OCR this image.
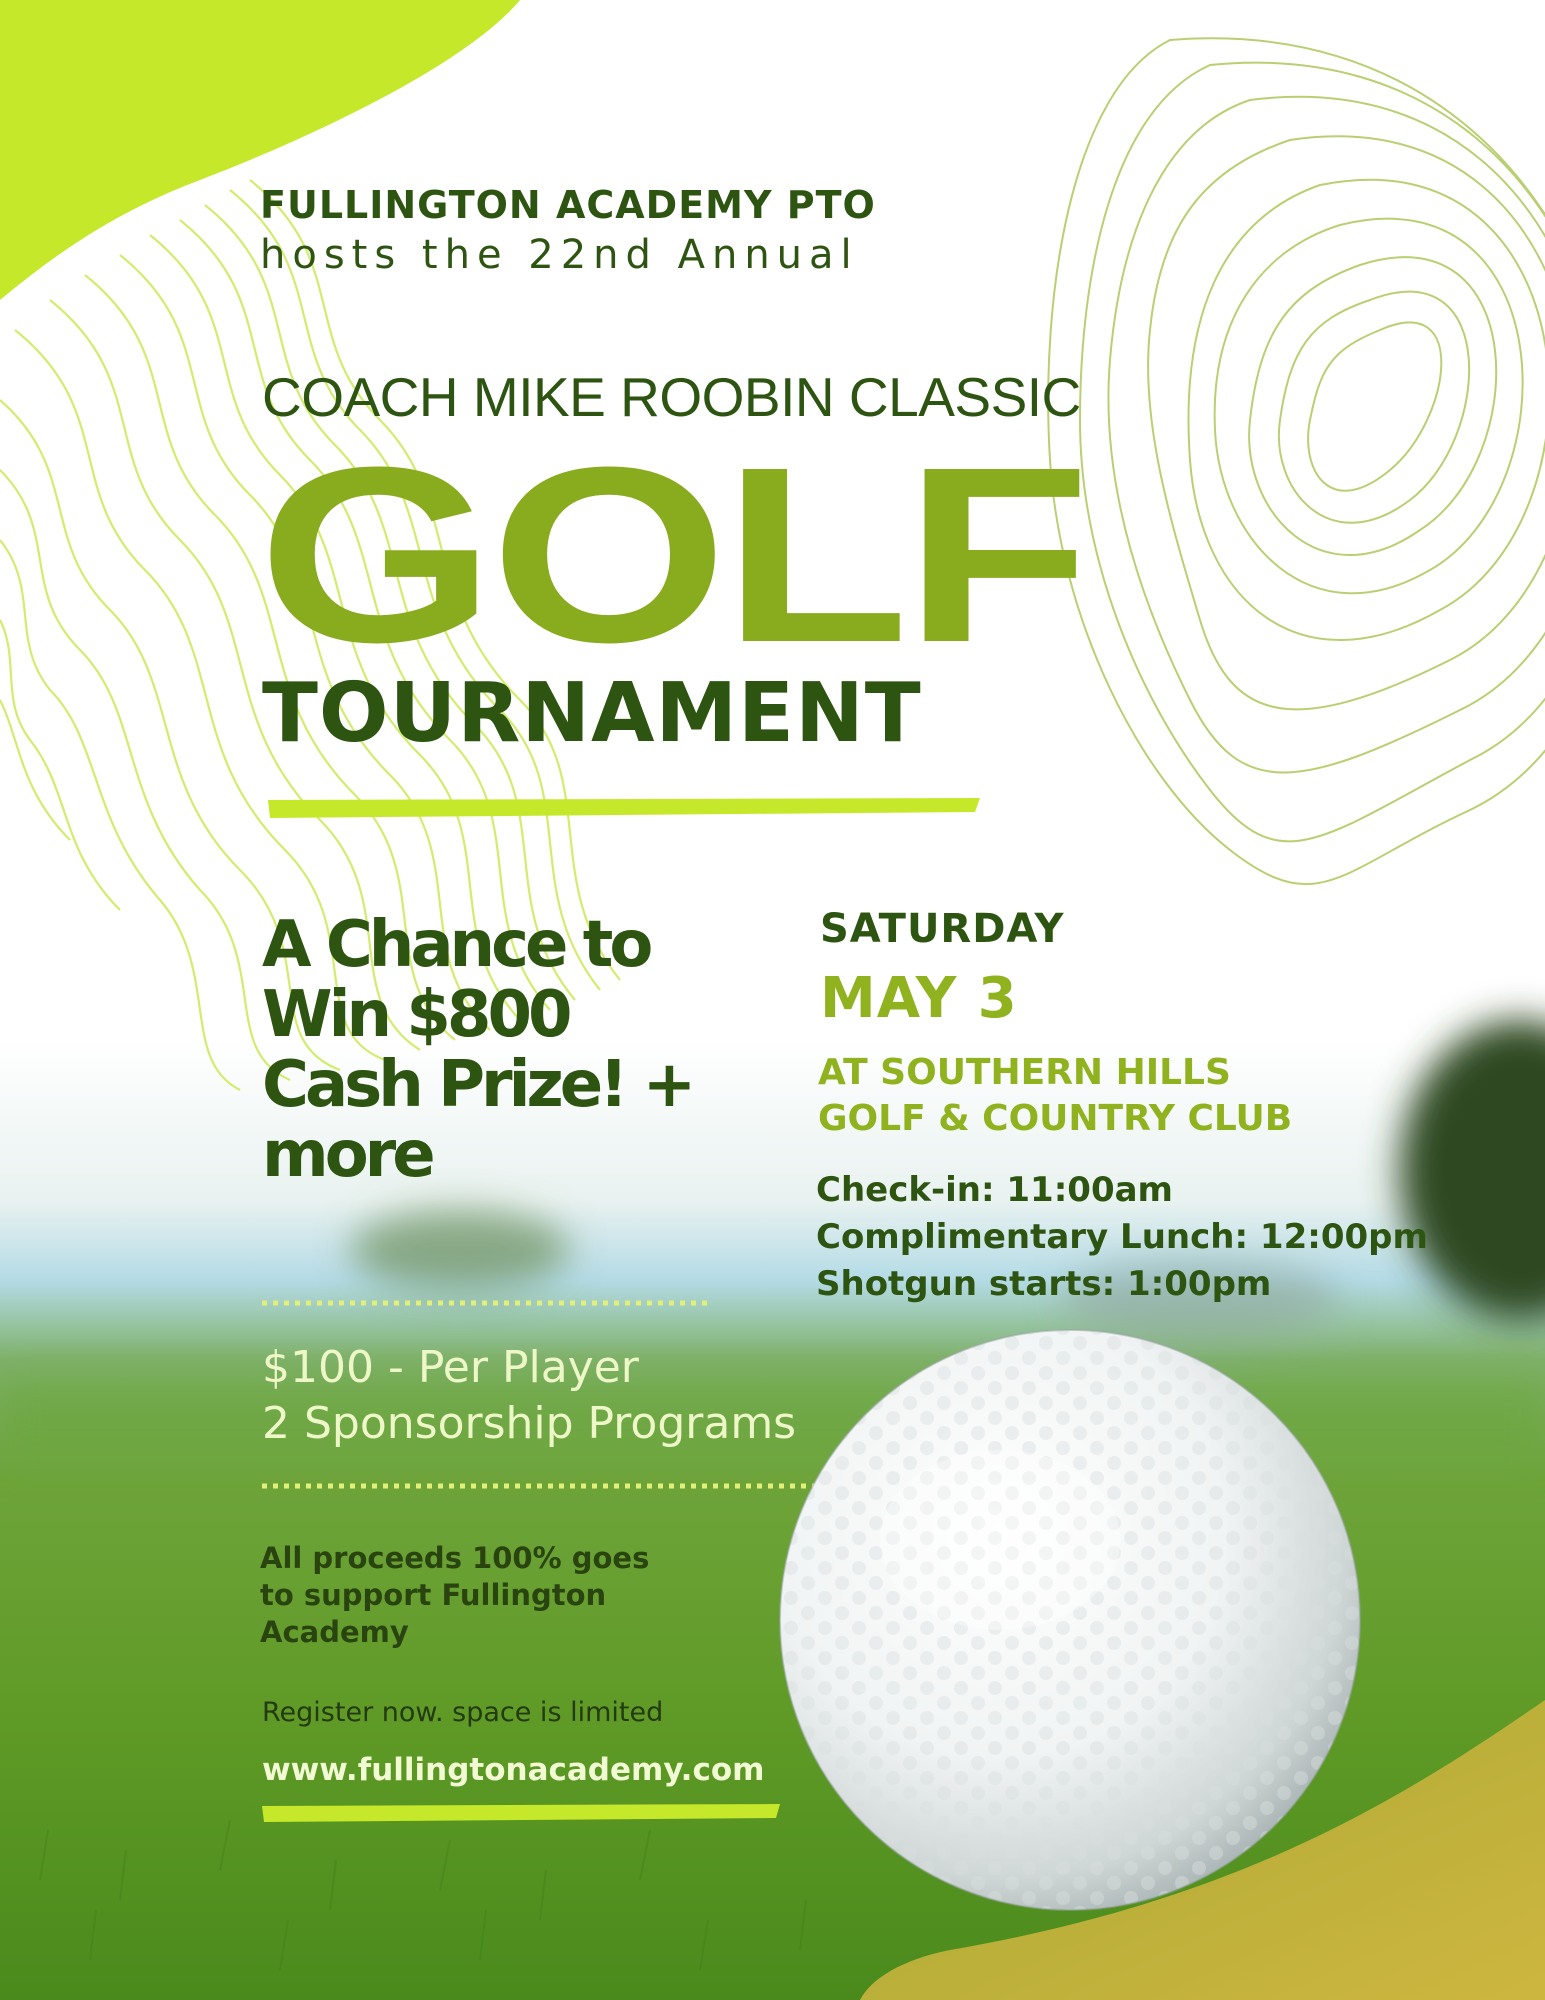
FULLINGTON ACADEMY PTO

hosts the 22nd Annual

COACH MIKE ROOBIN CLASSIC

GOLF

TOURNAMENT

A Chance to Win $800 Cash Prize! + more

SATURDAY

MAY 3

AT SOUTHERN HILLS

GOLF & COUNTRY CLUB

Check-in: 11:00am

Complimentary Lunch: 12:00pm

Shotgun starts: 1:00pm

$100 - Per Player

2 Sponsorship Programs

All proceeds 100% goes to support Fullington Academy

Register now. space is limited

www.fullingtonacademy.com
